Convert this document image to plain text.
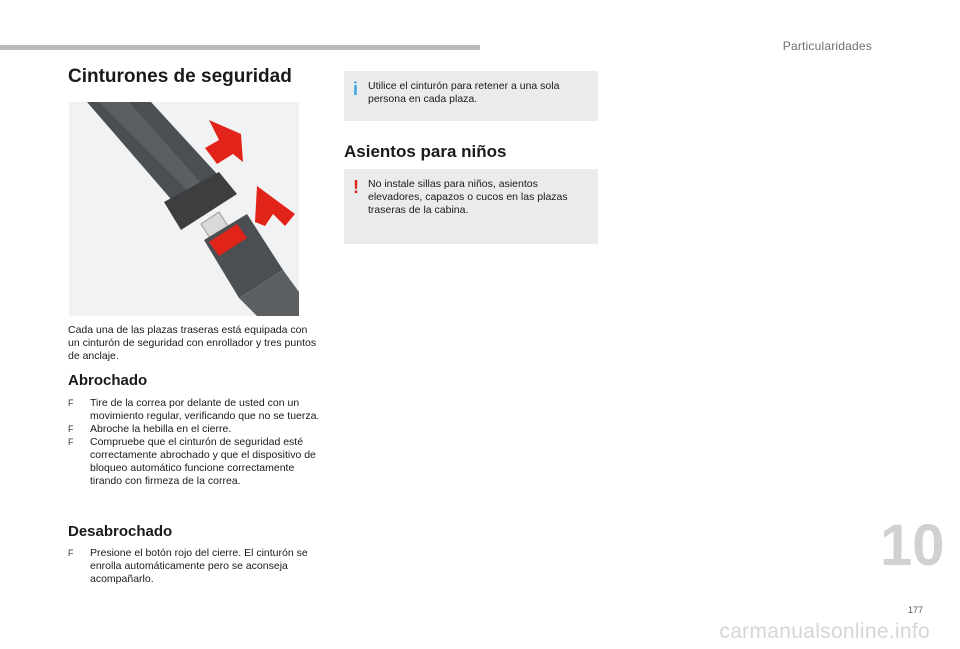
Particularidades
Cinturones de seguridad
Cada una de las plazas traseras está equipada con un cinturón de seguridad con enrollador y tres puntos de anclaje.
Abrochado
F Tire de la correa por delante de usted con un movimiento regular, verificando que no se tuerza.
F Abroche la hebilla en el cierre.
F Compruebe que el cinturón de seguridad esté correctamente abrochado y que el dispositivo de bloqueo automático funcione correctamente tirando con firmeza de la correa.
Desabrochado
F Presione el botón rojo del cierre. El cinturón se enrolla automáticamente pero se aconseja acompañarlo.
i Utilice el cinturón para retener a una sola persona en cada plaza.
Asientos para niños
! No instale sillas para niños, asientos elevadores, capazos o cucos en las plazas traseras de la cabina.
10
177
carmanualsonline.info
